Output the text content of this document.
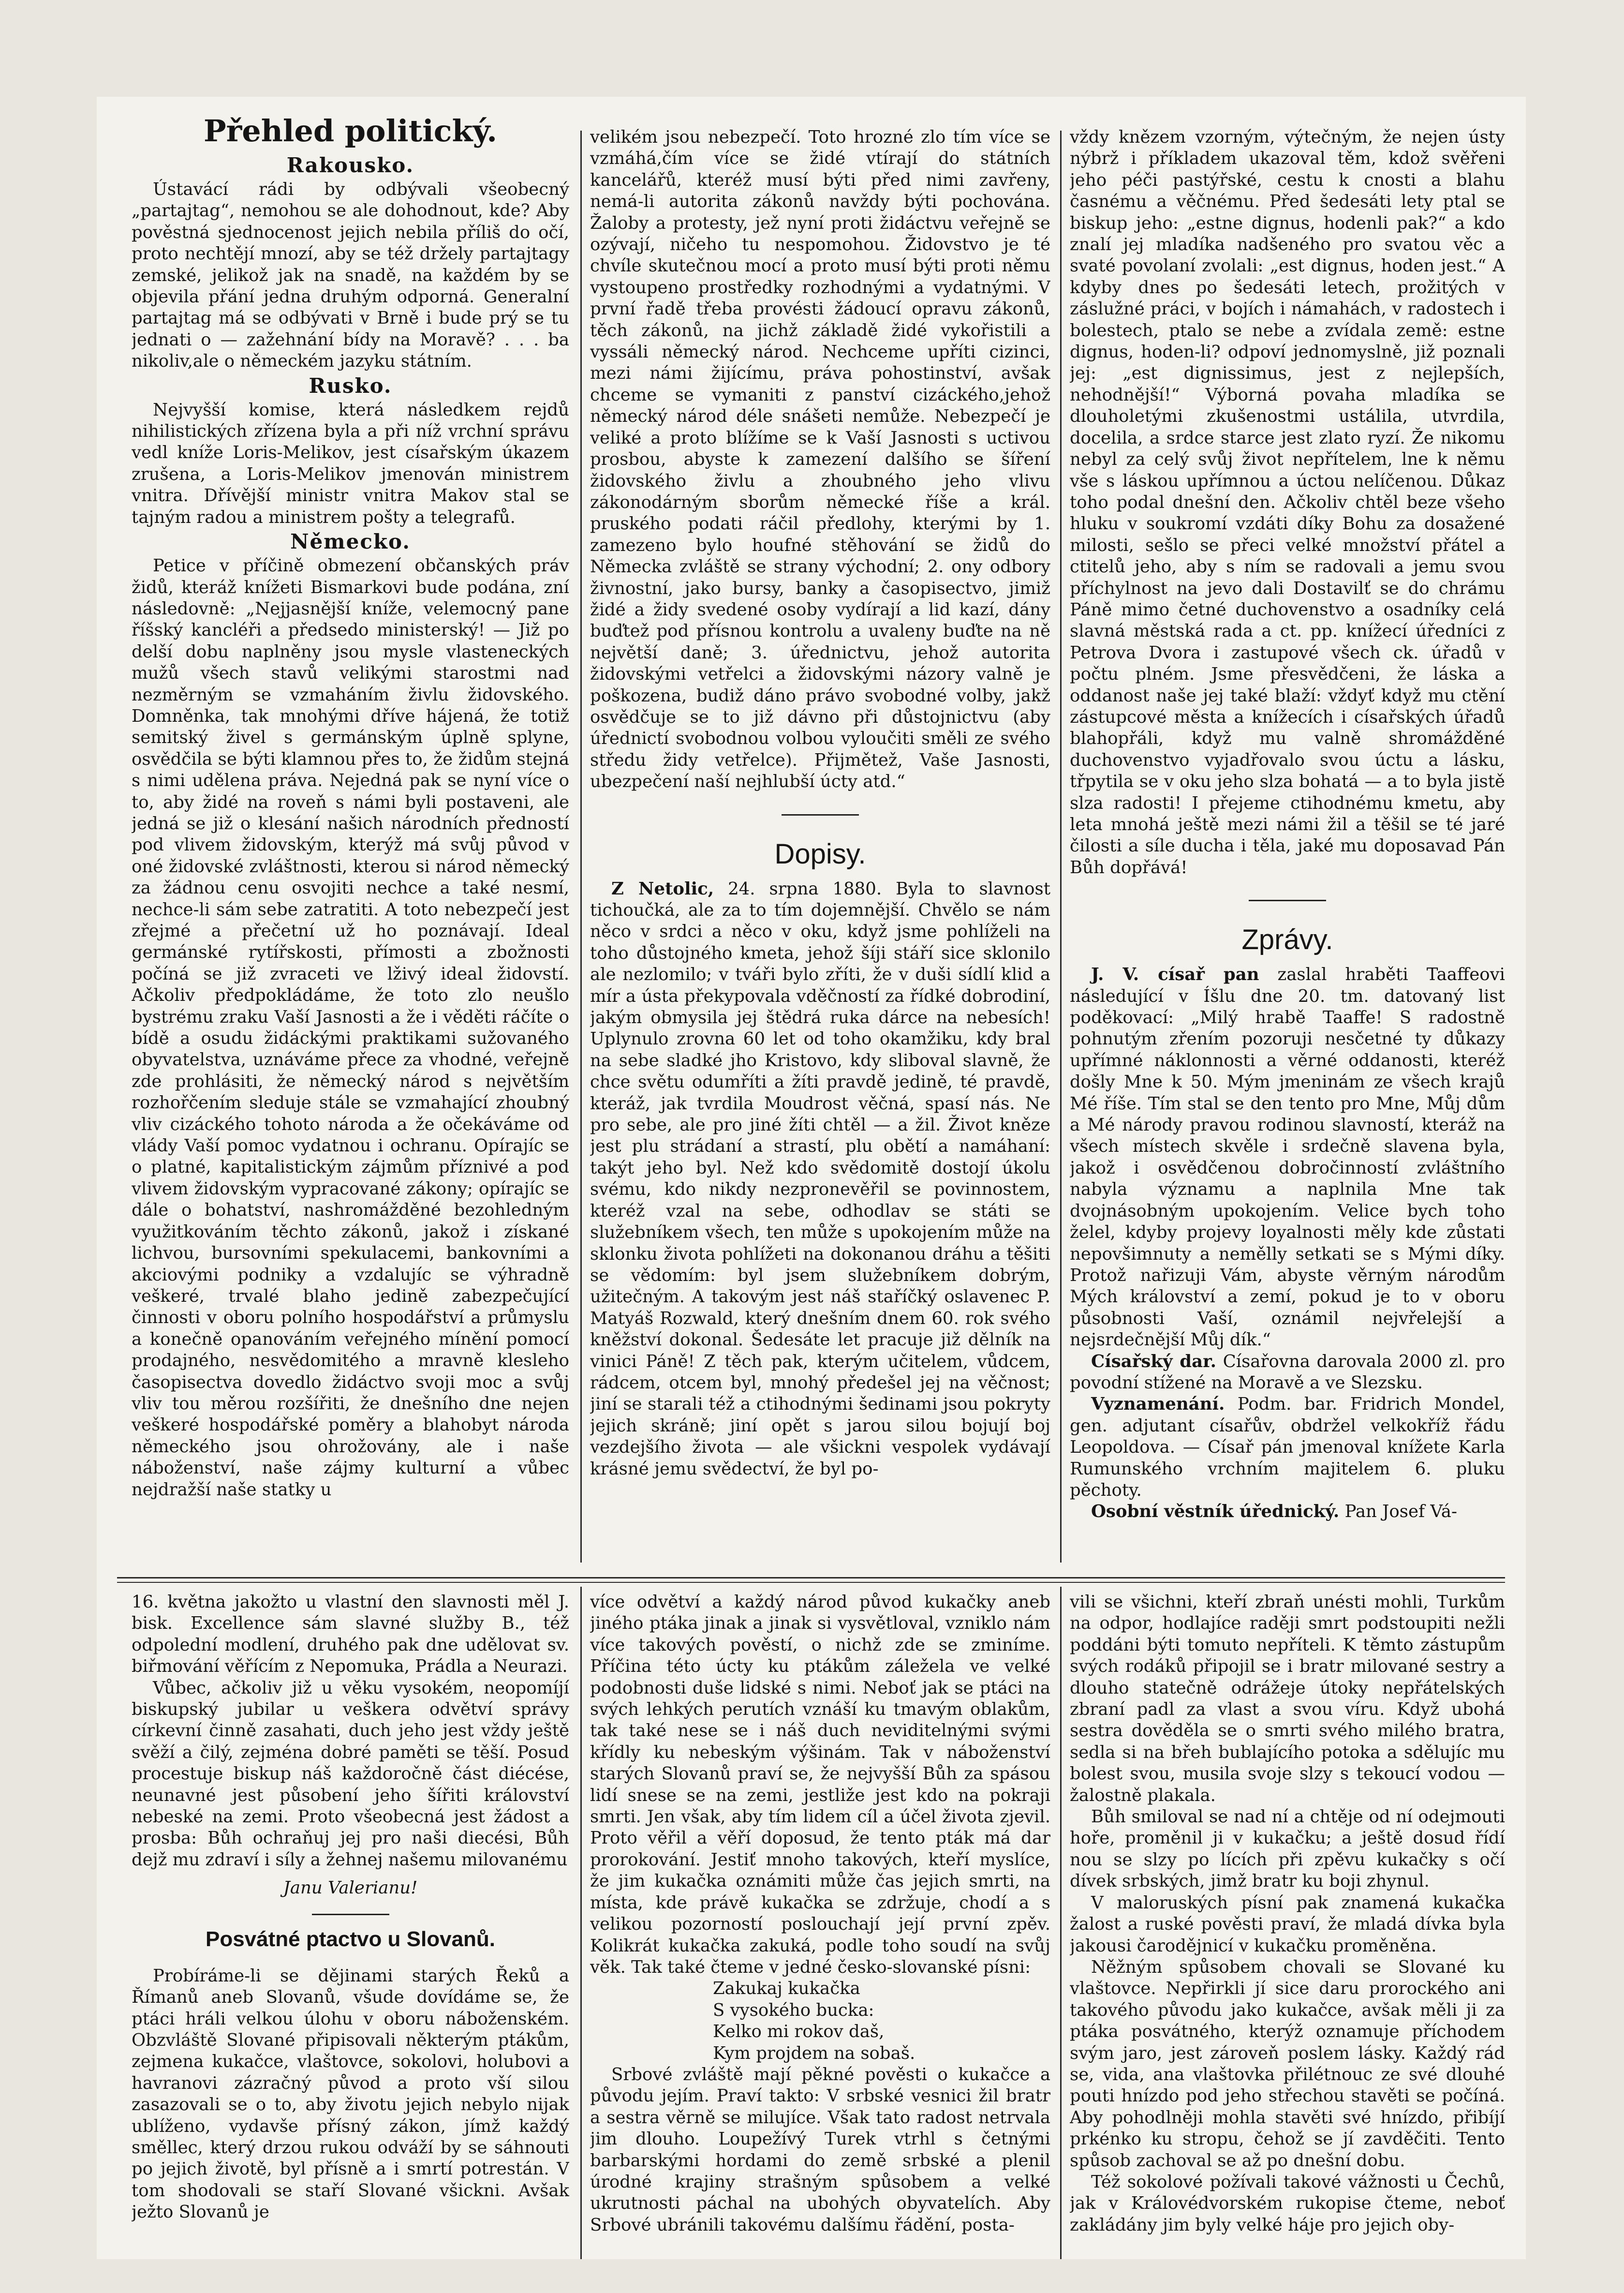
Přehled politický.
Rakousko.

Ústavácí rádi by odbývali všeobecný „partajtag“, nemohou se ale dohodnout, kde? Aby pověstná sjednocenost jejich nebila příliš do očí, proto nechtějí mnozí, aby se též držely partajtagy zemské, jelikož jak na snadě, na každém by se objevila přání jedna druhým odporná. Generalní partajtag má se odbývati v Brně i bude prý se tu jednati o — zažehnání bídy na Moravě? . . . ba nikoliv,ale o německém jazyku státním.

Rusko.

Nejvyšší komise, která následkem rejdů nihilistických zřízena byla a při níž vrchní správu vedl kníže Loris-Melikov, jest císařským úkazem zrušena, a Loris-Melikov jmenován ministrem vnitra. Dřívější ministr vnitra Makov stal se tajným radou a ministrem pošty a telegrafů.

Německo.

Petice v příčině obmezení občanských práv židů, kteráž knížeti Bismarkovi bude podána, zní následovně: „Nejjasnější kníže, velemocný pane říšský kancléři a předsedo ministerský! — Již po delší dobu naplněny jsou mysle vlasteneckých mužů všech stavů velikými starostmi nad nezměrným se vzmaháním živlu židovského. Domněnka, tak mnohými dříve hájená, že totiž semitský živel s germánským úplně splyne, osvědčila se býti klamnou přes to, že židům stejná s nimi udělena práva. Nejedná pak se nyní více o to, aby židé na roveň s námi byli postaveni, ale jedná se již o klesání našich národních předností pod vlivem židovským, kterýž má svůj původ v oné židovské zvláštnosti, kterou si národ německý za žádnou cenu osvojiti nechce a také nesmí, nechce-li sám sebe zatratiti. A toto nebezpečí jest zřejmé a přečetní už ho poznávají. Ideal germánské rytířskosti, přímosti a zbožnosti počíná se již zvraceti ve lživý ideal židovstí. Ačkoliv předpokládáme, že toto zlo neušlo bystrému zraku Vaší Jasnosti a že i věděti ráčíte o bídě a osudu židáckými praktikami sužovaného obyvatelstva, uznáváme přece za vhodné, veřejně zde prohlásiti, že německý národ s největším rozhořčením sleduje stále se vzmahající zhoubný vliv cizáckého tohoto národa a že očekáváme od vlády Vaší pomoc vydatnou i ochranu. Opírajíc se o platné, kapitalistickým zájmům příznivé a pod vlivem židovským vypracované zákony; opírajíc se dále o bohatství, nashromážděné bezohledným využitkováním těchto zákonů, jakož i získané lichvou, bursovními spekulacemi, bankovními a akciovými podniky a vzdalujíc se výhradně veškeré, trvalé blaho jedině zabezpečující činnosti v oboru polního hospodářství a průmyslu a konečně opanováním veřejného mínění pomocí prodajného, nesvědomitého a mravně klesleho časopisectva dovedlo židáctvo svoji moc a svůj vliv tou měrou rozšířiti, že dnešního dne nejen veškeré hospodářské poměry a blahobyt národa německého jsou ohrožovány, ale i naše náboženství, naše zájmy kulturní a vůbec nejdražší naše statky u

velikém jsou nebezpečí. Toto hrozné zlo tím více se vzmáhá,čím více se židé vtírají do státních kancelářů, kteréž musí býti před nimi zavřeny, nemá-li autorita zákonů navždy býti pochována. Žaloby a protesty, jež nyní proti židáctvu veřejně se ozývají, ničeho tu nespomohou. Židovstvo je té chvíle skutečnou mocí a proto musí býti proti němu vystoupeno prostředky rozhodnými a vydatnými. V první řadě třeba provésti žádoucí opravu zákonů, těch zákonů, na jichž základě židé vykořistili a vyssáli německý národ. Nechceme upříti cizinci, mezi námi žijícímu, práva pohostinství, avšak chceme se vymaniti z panství cizáckého,jehož německý národ déle snášeti nemůže. Nebezpečí je veliké a proto blížíme se k Vaší Jasnosti s uctivou prosbou, abyste k zamezení dalšího se šíření židovského živlu a zhoubného jeho vlivu zákonodárným sborům německé říše a král. pruského podati ráčil předlohy, kterými by 1. zamezeno bylo houfné stěhování se židů do Německa zvláště se strany východní; 2. ony odbory živnostní, jako bursy, banky a časopisectvo, jimiž židé a židy svedené osoby vydírají a lid kazí, dány buďtež pod přísnou kontrolu a uvaleny buďte na ně největší daně; 3. úřednictvu, jehož autorita židovskými vetřelci a židovskými názory valně je poškozena, budiž dáno právo svobodné volby, jakž osvědčuje se to již dávno při důstojnictvu (aby úřednictí svobodnou volbou vyloučiti směli ze svého středu židy vetřelce). Přijmětež, Vaše Jasnosti, ubezpečení naší nejhlubší úcty atd.“

Dopisy.

Z Netolic, 24. srpna 1880. Byla to slavnost tichoučká, ale za to tím dojemnější. Chvělo se nám něco v srdci a něco v oku, když jsme pohlíželi na toho důstojného kmeta, jehož šíji stáří sice sklonilo ale nezlomilo; v tváři bylo zříti, že v duši sídlí klid a mír a ústa překypovala vděčností za řídké dobrodiní, jakým obmysila jej štědrá ruka dárce na nebesích! Uplynulo zrovna 60 let od toho okamžiku, kdy bral na sebe sladké jho Kristovo, kdy sliboval slavně, že chce světu odumříti a žíti pravdě jedině, té pravdě, kteráž, jak tvrdila Moudrost věčná, spasí nás. Ne pro sebe, ale pro jiné žíti chtěl — a žil. Život kněze jest plu strádaní a strastí, plu obětí a namáhaní: takýt jeho byl. Než kdo svědomitě dostojí úkolu svému, kdo nikdy nezpronevěřil se povinnostem, kteréž vzal na sebe, odhodlav se státi se služebníkem všech, ten může s upokojením může na sklonku života pohlížeti na dokonanou dráhu a těšiti se vědomím: byl jsem služebníkem dobrým, užitečným. A takovým jest náš staříčký oslavenec P. Matyáš Rozwald, který dnešním dnem 60. rok svého kněžství dokonal. Šedesáte let pracuje již dělník na vinici Páně! Z těch pak, kterým učitelem, vůdcem, rádcem, otcem byl, mnohý předešel jej na věčnost; jiní se starali též a ctihodnými šedinami jsou pokryty jejich skráně; jiní opět s jarou silou bojují boj vezdejšího života — ale všickni vespolek vydávají krásné jemu svědectví, že byl po-

vždy knězem vzorným, výtečným, že nejen ústy nýbrž i příkladem ukazoval těm, kdož svěřeni jeho péči pastýřské, cestu k cnosti a blahu časnému a věčnému. Před šedesáti lety ptal se biskup jeho: „estne dignus, hodenli pak?“ a kdo znalí jej mladíka nadšeného pro svatou věc a svaté povolaní zvolali: „est dignus, hoden jest.“ A kdyby dnes po šedesáti letech, prožitých v záslužné práci, v bojích i námahách, v radostech i bolestech, ptalo se nebe a zvídala země: estne dignus, hoden-li? odpoví jednomyslně, již poznali jej: „est dignissimus, jest z nejlepších, nehodnější!“ Výborná povaha mladíka se dlouholetými zkušenostmi ustálila, utvrdila, docelila, a srdce starce jest zlato ryzí. Že nikomu nebyl za celý svůj život nepřítelem, lne k němu vše s láskou upřímnou a úctou nelíčenou. Důkaz toho podal dnešní den. Ačkoliv chtěl beze všeho hluku v soukromí vzdáti díky Bohu za dosažené milosti, sešlo se přeci velké množství přátel a ctitelů jeho, aby s ním se radovali a jemu svou příchylnost na jevo dali Dostavilť se do chrámu Páně mimo četné duchovenstvo a osadníky celá slavná městská rada a ct. pp. knížecí úředníci z Petrova Dvora i zastupové všech ck. úřadů v počtu plném. Jsme přesvědčeni, že láska a oddanost naše jej také blaží: vždyť když mu ctění zástupcové města a knížecích i císařských úřadů blahopřáli, když mu valně shromážděné duchovenstvo vyjadřovalo svou úctu a lásku, třpytila se v oku jeho slza bohatá — a to byla jistě slza radosti! I přejeme ctihodnému kmetu, aby leta mnohá ještě mezi námi žil a těšil se té jaré čilosti a síle ducha i těla, jaké mu doposavad Pán Bůh dopřává!

Zprávy.

J. V. císař pan zaslal hraběti Taaffeovi následující v Íšlu dne 20. tm. datovaný list poděkovací: „Milý hrabě Taaffe! S radostně pohnutým zřením pozoruji nesčetné ty důkazy upřímné náklonnosti a věrné oddanosti, kteréž došly Mne k 50. Mým jmeninám ze všech krajů Mé říše. Tím stal se den tento pro Mne, Můj dům a Mé národy pravou rodinou slavností, kteráž na všech místech skvěle i srdečně slavena byla, jakož i osvědčenou dobročinností zvláštního nabyla významu a naplnila Mne tak dvojnásobným upokojením. Velice bych toho želel, kdyby projevy loyalnosti měly kde zůstati nepovšimnuty a nemělly setkati se s Mými díky. Protož nařizuji Vám, abyste věrným národům Mých království a zemí, pokud je to v oboru působnosti Vaší, oznámil nejvřelejší a nejsrdečnější Můj dík.“

Císařský dar. Císařovna darovala 2000 zl. pro povodní stížené na Moravě a ve Slezsku.

Vyznamenání. Podm. bar. Fridrich Mondel, gen. adjutant císařův, obdržel velkokříž řádu Leopoldova. — Císař pán jmenoval knížete Karla Rumunského vrchním majitelem 6. pluku pěchoty.

Osobní věstník úřednický. Pan Josef Vá-

16. května jakožto u vlastní den slavnosti měl J. bisk. Excellence sám slavné služby B., též odpolední modlení, druhého pak dne udělovat sv. biřmování věřícím z Nepomuka, Prádla a Neurazi.

Vůbec, ačkoliv již u věku vysokém, neopomíjí biskupský jubilar u veškera odvětví správy církevní činně zasahati, duch jeho jest vždy ještě svěží a čilý, zejména dobré paměti se těší. Posud procestuje biskup náš každoročně část diécése, neunavné jest působení jeho šířiti království nebeské na zemi. Proto všeobecná jest žádost a prosba: Bůh ochraňuj jej pro naši diecési, Bůh dejž mu zdraví i síly a žehnej našemu milovanému

Janu Valerianu!
Posvátné ptactvo u Slovanů.

Probíráme-li se dějinami starých Řeků a Římanů aneb Slovanů, všude dovídáme se, že ptáci hráli velkou úlohu v oboru náboženském. Obzvláště Slované připisovali některým ptákům, zejmena kukačce, vlaštovce, sokolovi, holubovi a havranovi zázračný původ a proto vší silou zasazovali se o to, aby životu jejich nebylo nijak ublíženo, vydavše přísný zákon, jímž každý směllec, který drzou rukou odváží by se sáhnouti po jejich životě, byl přísně a i smrtí potrestán. V tom shodovali se staří Slované všickni. Avšak ježto Slovanů je

více odvětví a každý národ původ kukačky aneb jiného ptáka jinak a jinak si vysvětloval, vzniklo nám více takových pověstí, o nichž zde se zminíme. Příčina této úcty ku ptákům záležela ve velké podobnosti duše lidské s nimi. Neboť jak se ptáci na svých lehkých perutích vznáší ku tmavým oblakům, tak také nese se i náš duch neviditelnými svými křídly ku nebeským výšinám. Tak v náboženství starých Slovanů praví se, že nejvyšší Bůh za spásou lidí snese se na zemi, jestliže jest kdo na pokraji smrti. Jen však, aby tím lidem cíl a účel života zjevil. Proto věřil a věří doposud, že tento pták má dar prorokování. Jestiť mnoho takových, kteří myslíce, že jim kukačka oznámiti může čas jejich smrti, na místa, kde právě kukačka se zdržuje, chodí a s velikou pozorností poslouchají její první zpěv. Kolikrát kukačka zakuká, podle toho soudí na svůj věk. Tak také čteme v jedné česko-slovanské písni:

Zakukaj kukačka

S vysokého bucka:

Kelko mi rokov daš,

Kym projdem na sobaš.

Srbové zvláště mají pěkné pověsti o kukačce a původu jejím. Praví takto: V srbské vesnici žil bratr a sestra věrně se milujíce. Však tato radost netrvala jim dlouho. Loupežívý Turek vtrhl s četnými barbarskými hordami do země srbské a plenil úrodné krajiny strašným spůsobem a velké ukrutnosti páchal na ubohých obyvatelích. Aby Srbové ubránili takovému dalšímu řádění, posta-

vili se všichni, kteří zbraň unésti mohli, Turkům na odpor, hodlajíce raději smrt podstoupiti nežli poddáni býti tomuto nepříteli. K těmto zástupům svých rodáků připojil se i bratr milované sestry a dlouho statečně odrážeje útoky nepřátelských zbraní padl za vlast a svou víru. Když ubohá sestra dověděla se o smrti svého milého bratra, sedla si na břeh bublajícího potoka a sdělujíc mu bolest svou, musila svoje slzy s tekoucí vodou — žalostně plakala.

Bůh smiloval se nad ní a chtěje od ní odejmouti hoře, proměnil ji v kukačku; a ještě dosud řídí nou se slzy po lících při zpěvu kukačky s očí dívek srbských, jimž bratr ku boji zhynul.

V maloruských písní pak znamená kukačka žalost a ruské pověsti praví, že mladá dívka byla jakousi čarodějnicí v kukačku proměněna.

Něžným spůsobem chovali se Slované ku vlaštovce. Nepřirkli jí sice daru prorockého ani takového původu jako kukačce, avšak měli ji za ptáka posvátného, kterýž oznamuje příchodem svým jaro, jest zároveň poslem lásky. Každý rád se, vida, ana vlaštovka přilétnouc ze své dlouhé pouti hnízdo pod jeho střechou stavěti se počíná. Aby pohodlněji mohla stavěti své hnízdo, přibíjí prkénko ku stropu, čehož se jí zavděčiti. Tento spůsob zachoval se až po dnešní dobu.

Též sokolové požívali takové vážnosti u Čechů, jak v Královédvorském rukopise čteme, neboť zakládány jim byly velké háje pro jejich oby-
